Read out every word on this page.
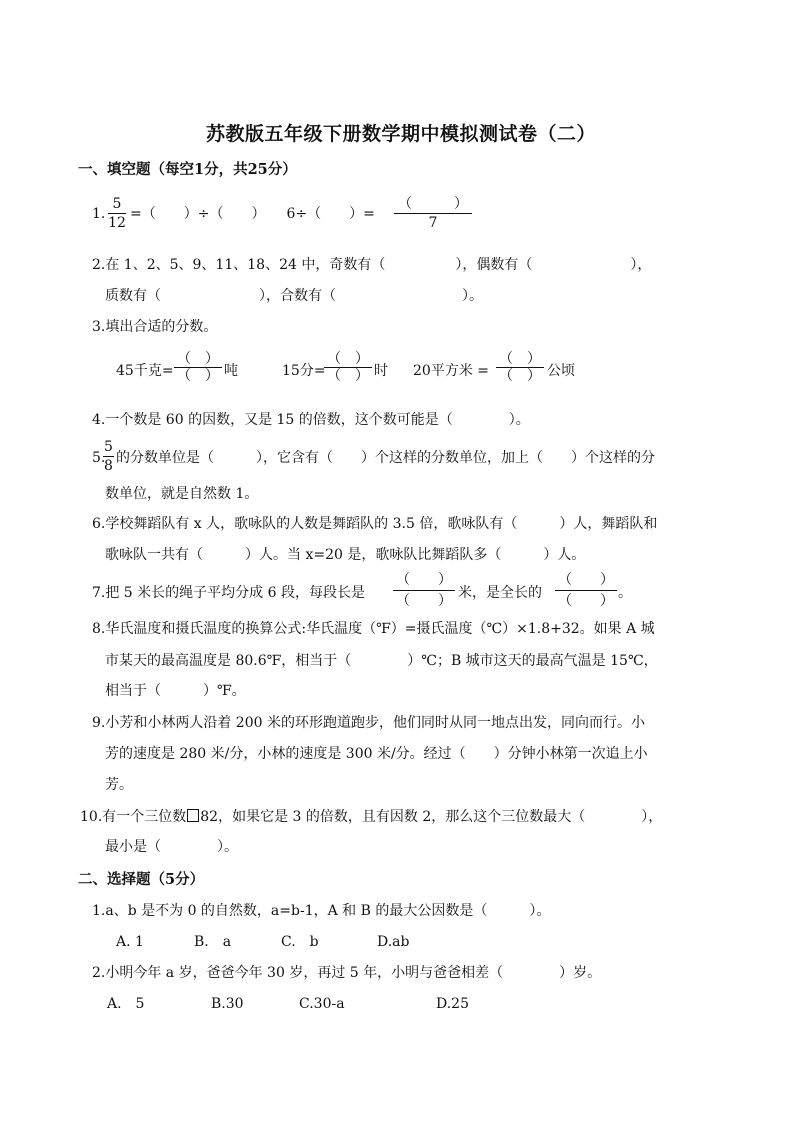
苏教版五年级下册数学期中模拟测试卷（二）
一、填空题（每空1分，共25分）
1.
5
12
=（　　）÷（　　）　　6÷（　　）=
（　　　）
7
2.在 1、2、5、9、11、18、24 中，奇数有（　　　　　），偶数有（　　　　　　　），
质数有（　　　　　　　），合数有（　　　　　　　　　）。
3.填出合适的分数。
45千克=
（　）
（　） 吨	15分=
（　）
（　） 时 20平方米 =
（　）
（　） 公顷
4.一个数是 60 的因数，又是 15 的倍数，这个数可能是（　　　　）。
5.
5
8 的分数单位是（　　　），它含有（　　）个这样的分数单位，加上（　　）个这样的分
数单位，就是自然数 1。
6.学校舞蹈队有 x 人，歌咏队的人数是舞蹈队的 3.5 倍，歌咏队有（　　　）人，舞蹈队和
歌咏队一共有（　　　）人。当 x=20 是，歌咏队比舞蹈队多（　　　）人。
7.把 5 米长的绳子平均分成 6 段，每段长是
（　　）
（　　） 米，是全长的
（　　）
（　　） 。
8.华氏温度和摄氏温度的换算公式:华氏温度（℉）=摄氏温度（℃）×1.8+32。如果 A 城
市某天的最高温度是 80.6℉，相当于（　　　　）℃；B 城市这天的最高气温是 15℃，
相当于（　　　）℉。
9.小芳和小林两人沿着 200 米的环形跑道跑步，他们同时从同一地点出发，同向而行。小
芳的速度是 280 米/分，小林的速度是 300 米/分。经过（　　）分钟小林第一次追上小
芳。
10.有一个三位数 82，如果它是 3 的倍数，且有因数 2，那么这个三位数最大（　　　　），
最小是（　　　　）。
二、选择题（5分）
1.a、b 是不为 0 的自然数，a=b-1，A 和 B 的最大公因数是（　　　）。
A. 1	B.　a	C.　b	D.ab
2.小明今年 a 岁，爸爸今年 30 岁，再过 5 年，小明与爸爸相差（　　　　）岁。
A.　5	B.30	C.30-a	D.25
